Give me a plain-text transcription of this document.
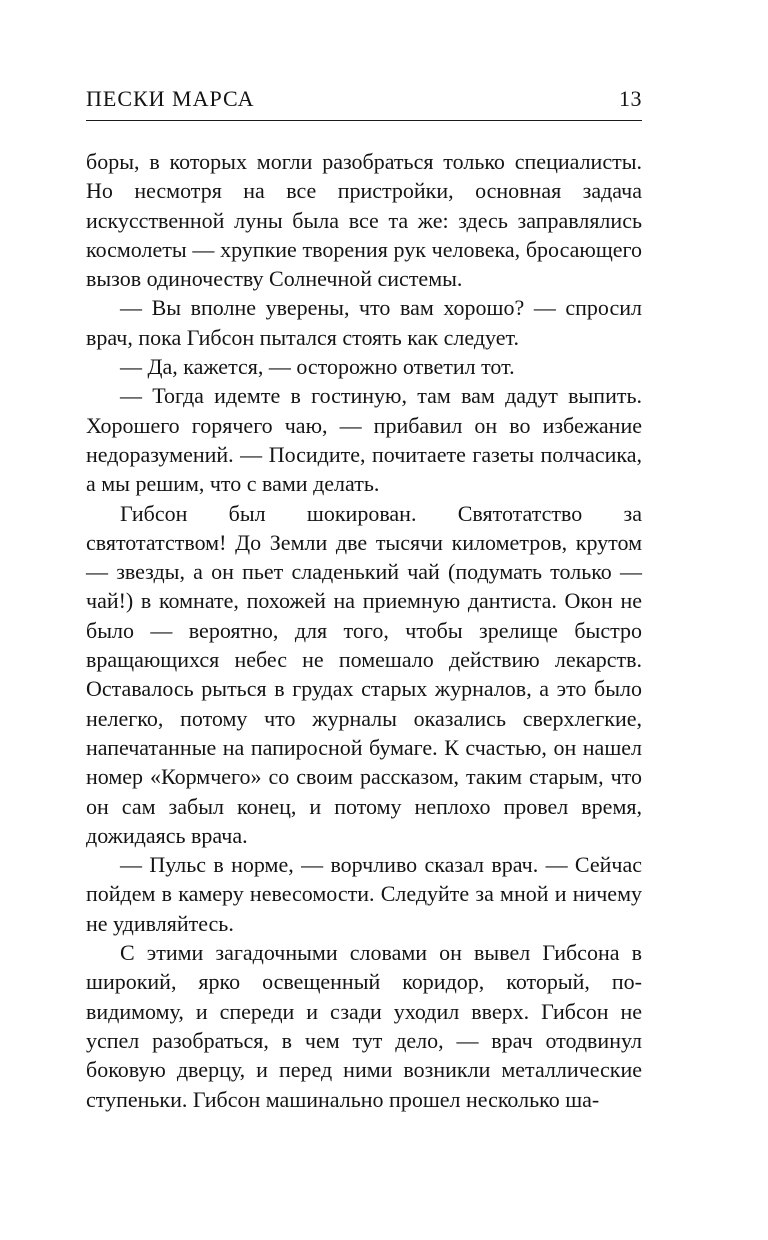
ПЕСКИ МАРСА	13

боры, в которых могли разобраться только специалисты. Но несмотря на все пристройки, основная задача искусственной луны была все та же: здесь заправлялись космолеты — хрупкие творения рук человека, бросающего вызов одиночеству Солнечной системы.

— Вы вполне уверены, что вам хорошо? — спросил врач, пока Гибсон пытался стоять как следует.

— Да, кажется, — осторожно ответил тот.

— Тогда идемте в гостиную, там вам дадут выпить. Хорошего горячего чаю, — прибавил он во избежание недоразумений. — Посидите, почитаете газеты полчасика, а мы решим, что с вами делать.

Гибсон был шокирован. Святотатство за святотатством! До Земли две тысячи километров, крутом — звезды, а он пьет сладенький чай (подумать только — чай!) в комнате, похожей на приемную дантиста. Окон не было — вероятно, для того, чтобы зрелище быстро вращающихся небес не помешало действию лекарств. Оставалось рыться в грудах старых журналов, а это было нелегко, потому что журналы оказались сверхлегкие, напечатанные на папиросной бумаге. К счастью, он нашел номер «Кормчего» со своим рассказом, таким старым, что он сам забыл конец, и потому неплохо провел время, дожидаясь врача.

— Пульс в норме, — ворчливо сказал врач. — Сейчас пойдем в камеру невесомости. Следуйте за мной и ничему не удивляйтесь.

С этими загадочными словами он вывел Гибсона в широкий, ярко освещенный коридор, который, по-видимому, и спереди и сзади уходил вверх. Гибсон не успел разобраться, в чем тут дело, — врач отодвинул боковую дверцу, и перед ними возникли металлические ступеньки. Гибсон машинально прошел несколько ша-
